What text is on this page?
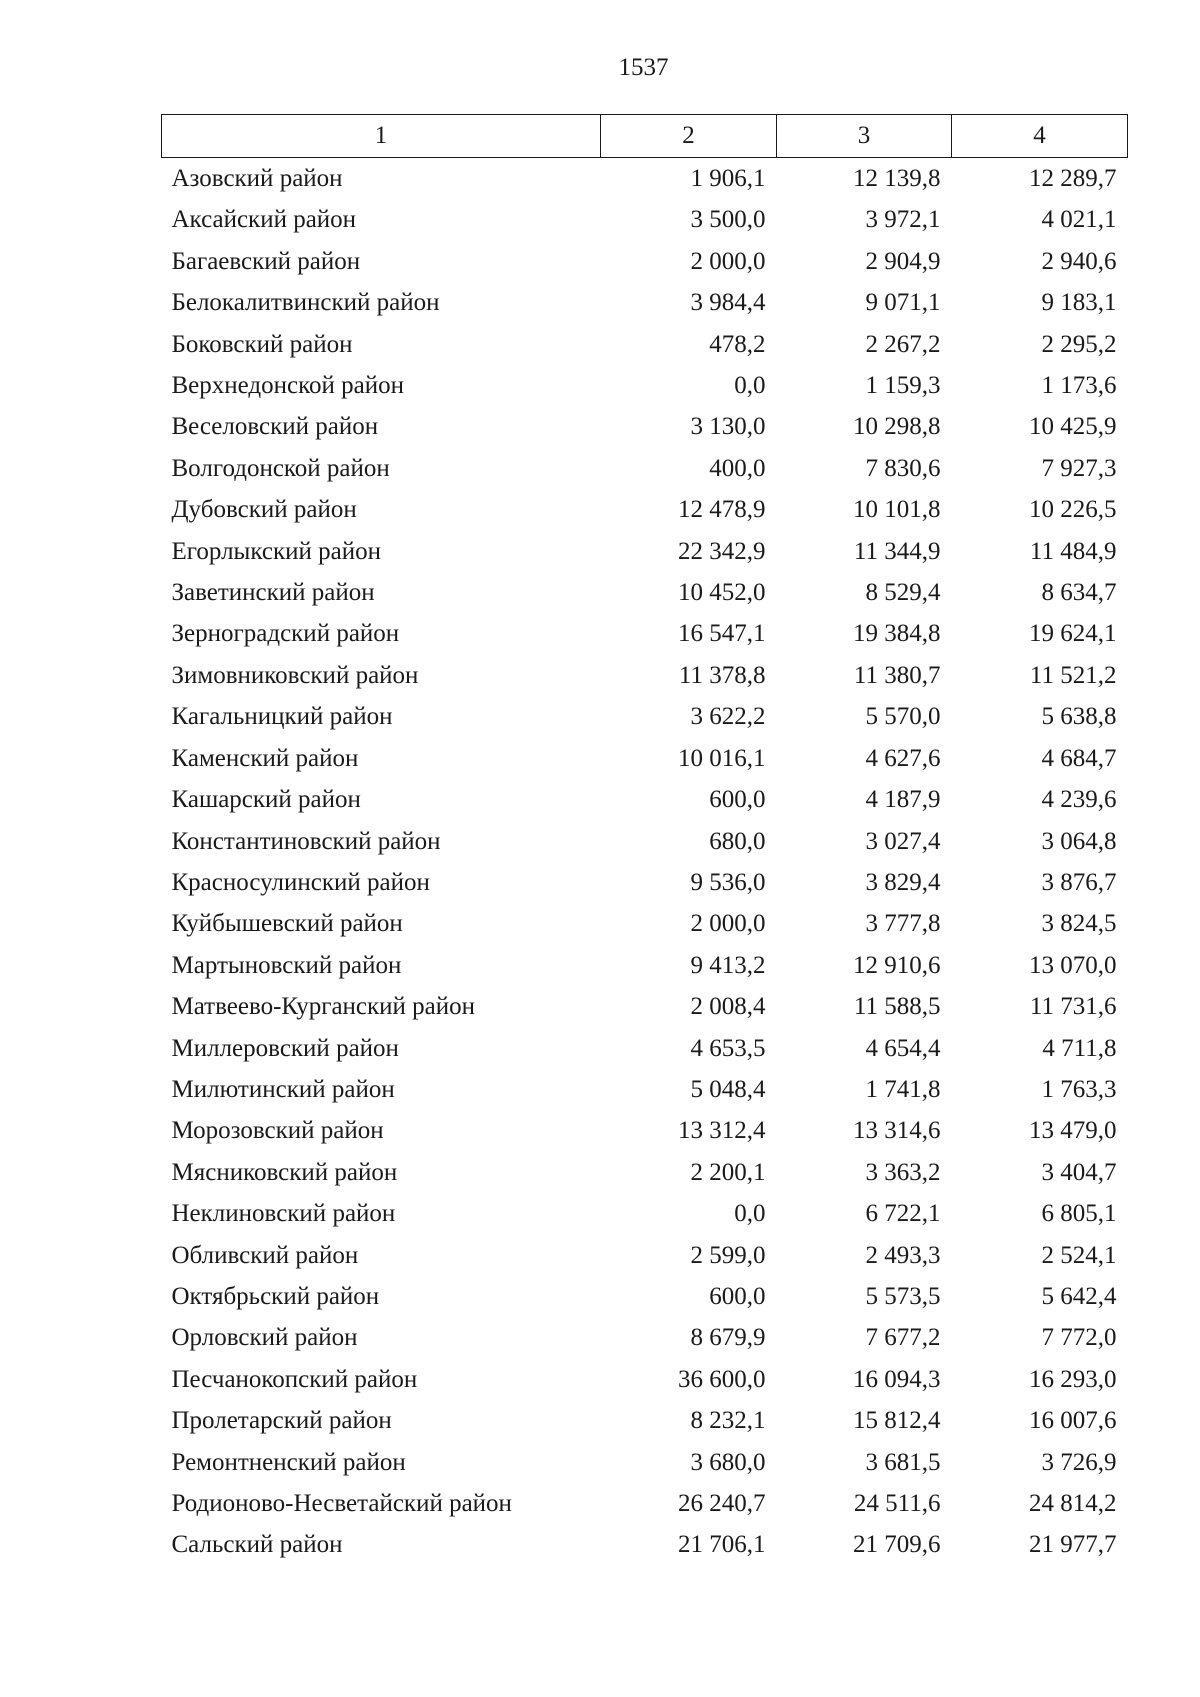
1537
1	2	3	4
Азовский район	1 906,1	12 139,8	12 289,7
Аксайский район	3 500,0	3 972,1	4 021,1
Багаевский район	2 000,0	2 904,9	2 940,6
Белокалитвинский район	3 984,4	9 071,1	9 183,1
Боковский район	478,2	2 267,2	2 295,2
Верхнедонской район	0,0	1 159,3	1 173,6
Веселовский район	3 130,0	10 298,8	10 425,9
Волгодонской район	400,0	7 830,6	7 927,3
Дубовский район	12 478,9	10 101,8	10 226,5
Егорлыкский район	22 342,9	11 344,9	11 484,9
Заветинский район	10 452,0	8 529,4	8 634,7
Зерноградский район	16 547,1	19 384,8	19 624,1
Зимовниковский район	11 378,8	11 380,7	11 521,2
Кагальницкий район	3 622,2	5 570,0	5 638,8
Каменский район	10 016,1	4 627,6	4 684,7
Кашарский район	600,0	4 187,9	4 239,6
Константиновский район	680,0	3 027,4	3 064,8
Красносулинский район	9 536,0	3 829,4	3 876,7
Куйбышевский район	2 000,0	3 777,8	3 824,5
Мартыновский район	9 413,2	12 910,6	13 070,0
Матвеево-Курганский район	2 008,4	11 588,5	11 731,6
Миллеровский район	4 653,5	4 654,4	4 711,8
Милютинский район	5 048,4	1 741,8	1 763,3
Морозовский район	13 312,4	13 314,6	13 479,0
Мясниковский район	2 200,1	3 363,2	3 404,7
Неклиновский район	0,0	6 722,1	6 805,1
Обливский район	2 599,0	2 493,3	2 524,1
Октябрьский район	600,0	5 573,5	5 642,4
Орловский район	8 679,9	7 677,2	7 772,0
Песчанокопский район	36 600,0	16 094,3	16 293,0
Пролетарский район	8 232,1	15 812,4	16 007,6
Ремонтненский район	3 680,0	3 681,5	3 726,9
Родионово-Несветайский район	26 240,7	24 511,6	24 814,2
Сальский район	21 706,1	21 709,6	21 977,7
